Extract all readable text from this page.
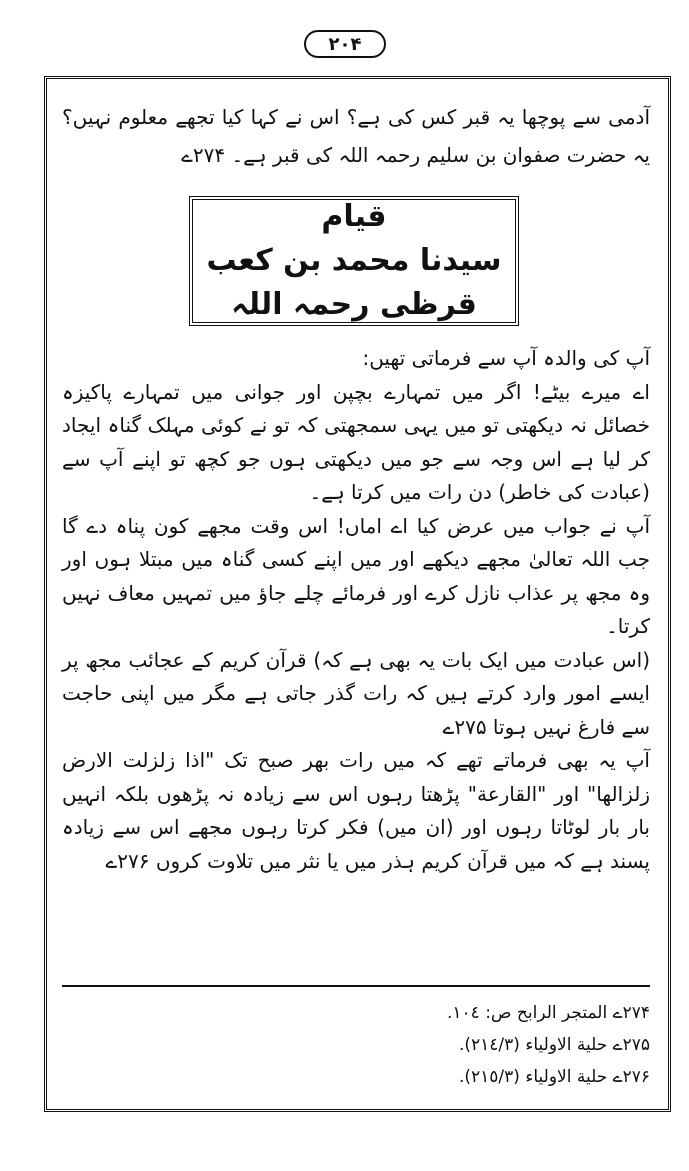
۲۰۴
آدمی سے پوچھا یہ قبر کس کی ہے؟ اس نے کہا کیا تجھے معلوم نہیں؟ یہ حضرت صفوان بن سلیم رحمہ اللہ کی قبر ہے۔ ۲۷۴ے
قیام
سیدنا محمد بن کعب قرظی رحمہ اللہ

آپ کی والدہ آپ سے فرماتی تھیں:

اے میرے بیٹے! اگر میں تمہارے بچپن اور جوانی میں تمہارے پاکیزہ خصائل نہ دیکھتی تو میں یہی سمجھتی کہ تو نے کوئی مہلک گناہ ایجاد کر لیا ہے اس وجہ سے جو میں دیکھتی ہوں جو کچھ تو اپنے آپ سے (عبادت کی خاطر) دن رات میں کرتا ہے۔

آپ نے جواب میں عرض کیا اے اماں! اس وقت مجھے کون پناہ دے گا جب اللہ تعالیٰ مجھے دیکھے اور میں اپنے کسی گناہ میں مبتلا ہوں اور وہ مجھ پر عذاب نازل کرے اور فرمائے چلے جاؤ میں تمہیں معاف نہیں کرتا۔

(اس عبادت میں ایک بات یہ بھی ہے کہ) قرآن کریم کے عجائب مجھ پر ایسے امور وارد کرتے ہیں کہ رات گذر جاتی ہے مگر میں اپنی حاجت سے فارغ نہیں ہوتا ۲۷۵ے

آپ یہ بھی فرماتے تھے کہ میں رات بھر صبح تک "اذا زلزلت الارض زلزالھا" اور "القارعة" پڑھتا رہوں اس سے زیادہ نہ پڑھوں بلکہ انہیں بار بار لوٹاتا رہوں اور (ان میں) فکر کرتا رہوں مجھے اس سے زیادہ پسند ہے کہ میں قرآن کریم ہذر میں یا نثر میں تلاوت کروں ۲۷۶ے

۲۷۴ے المتجر الرابح ص: ١٠٤.
۲۷۵ے حلیة الاولیاء (٢١٤/٣).
۲۷۶ے حلیة الاولیاء (٢١٥/٣).
